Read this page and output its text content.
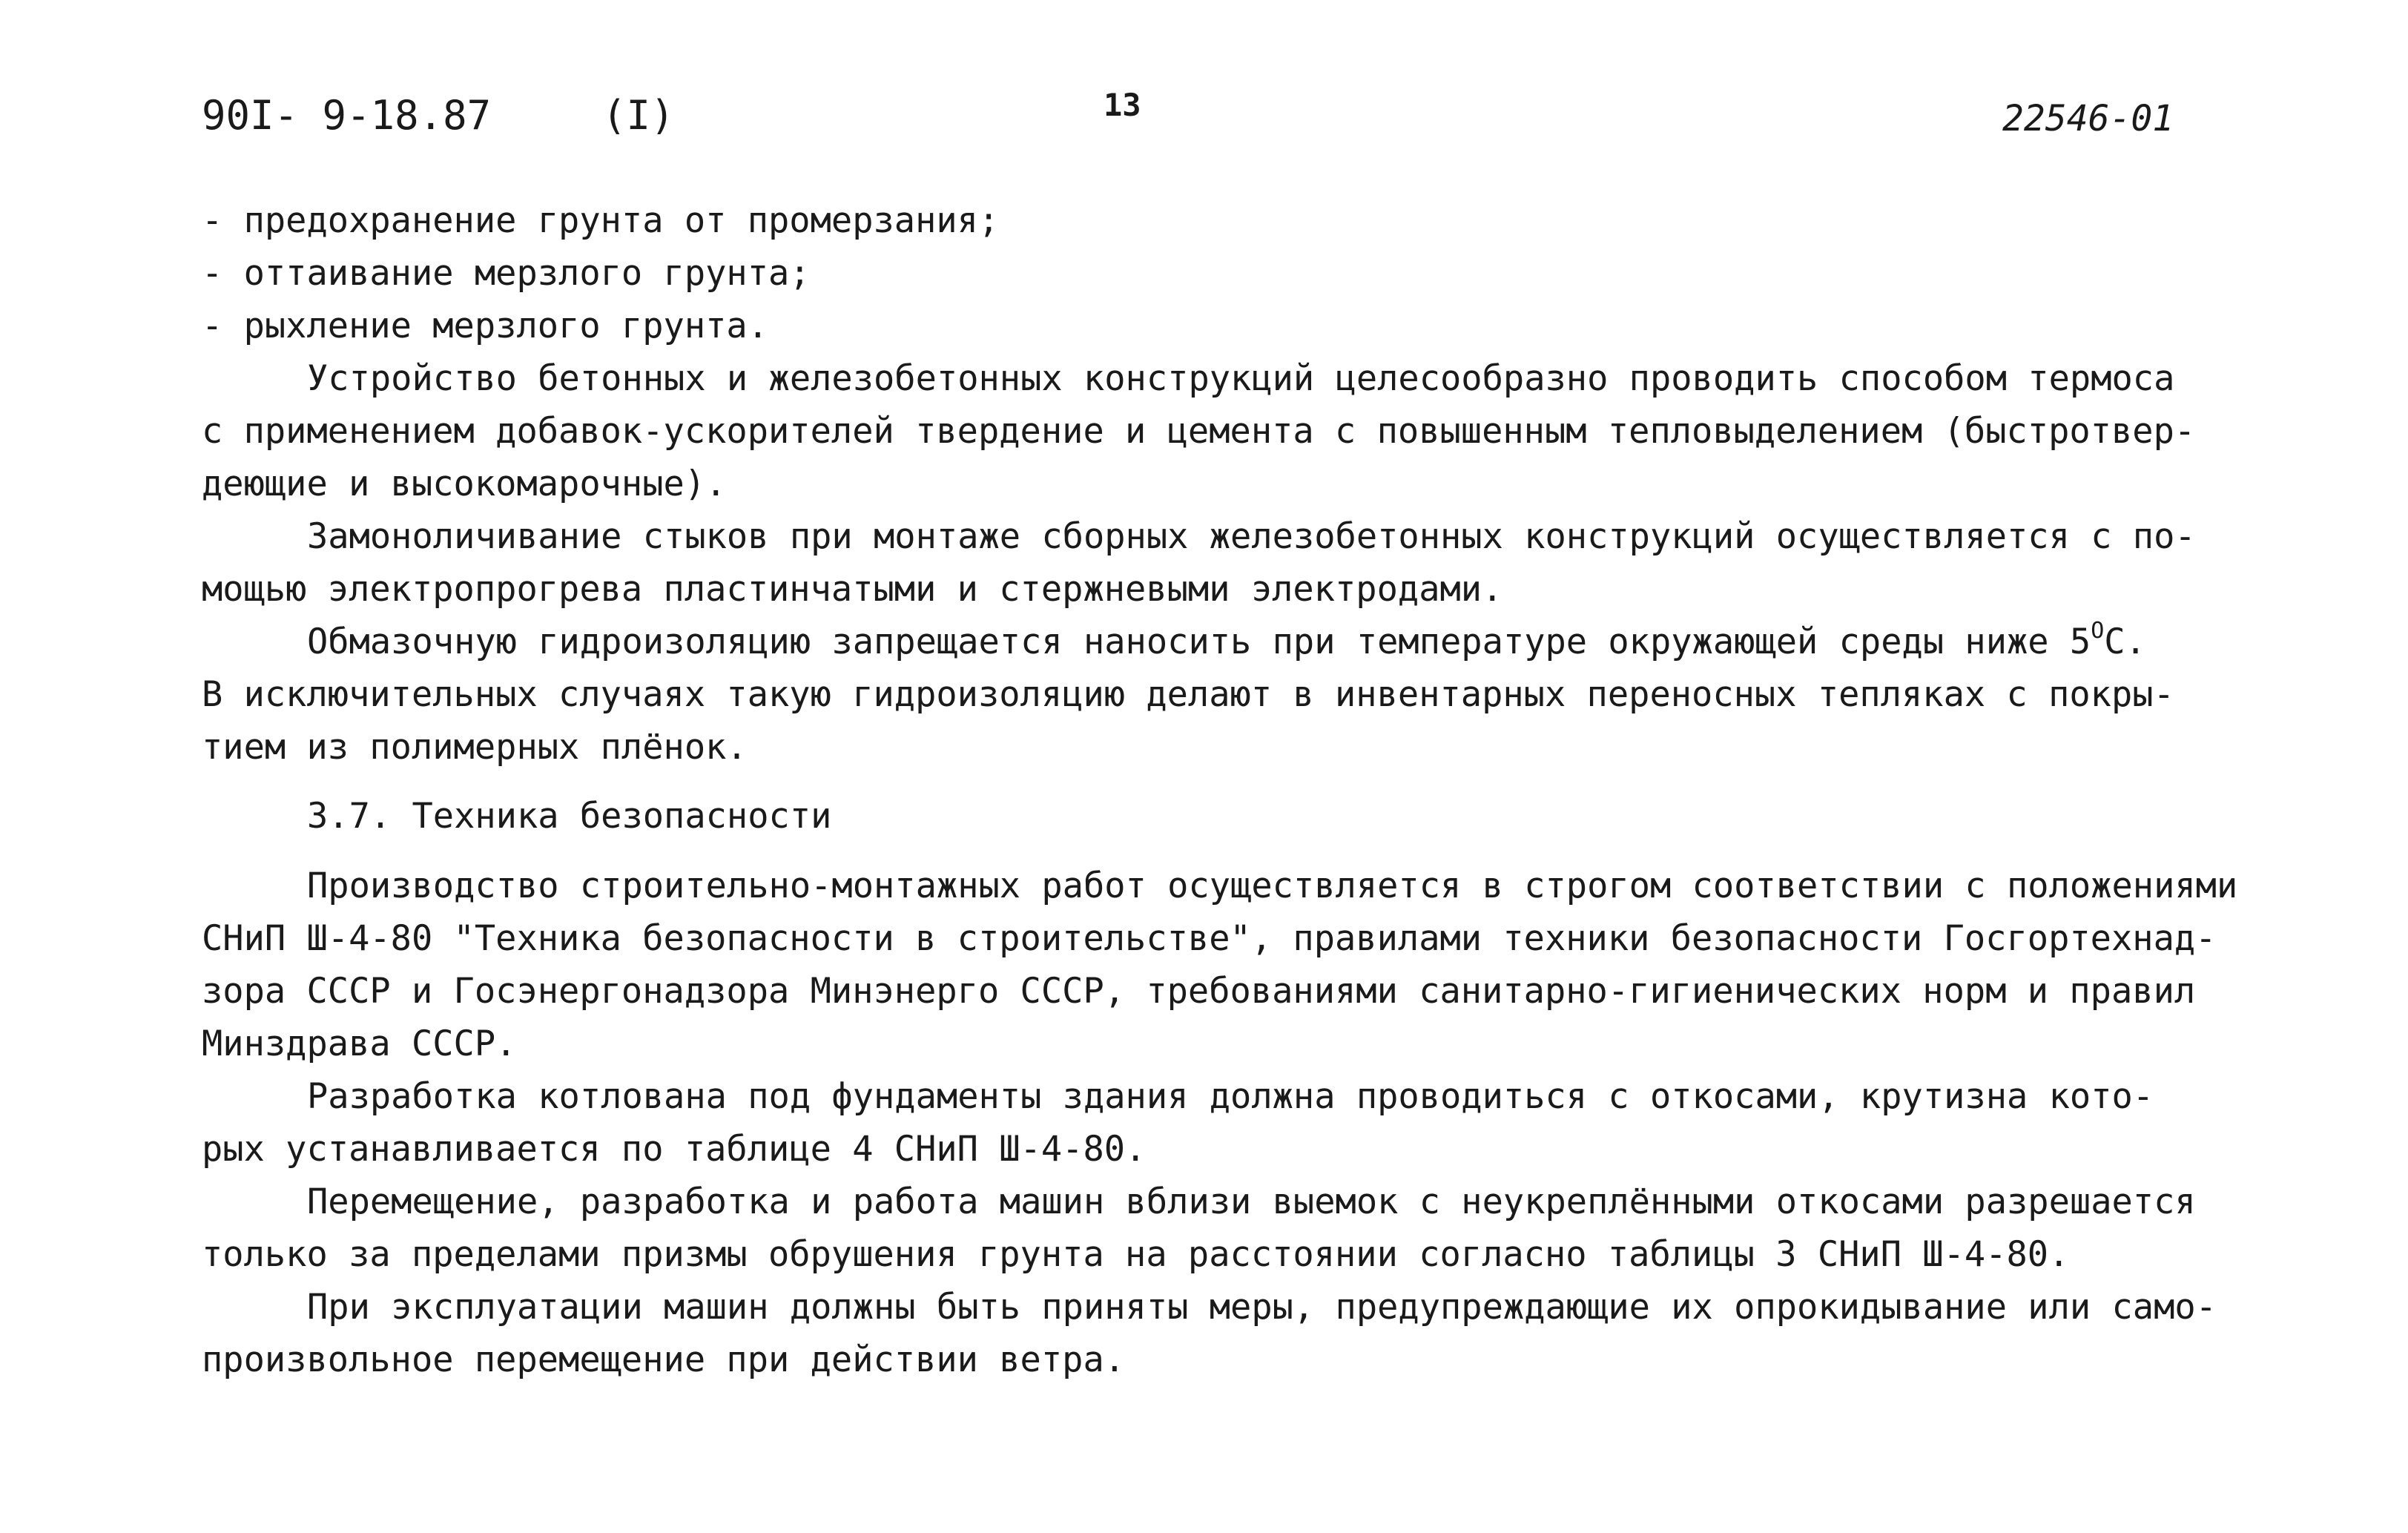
90I- 9-18.87	(I)	13	22546-01
- предохранение грунта от промерзания;
- оттаивание мерзлого грунта;
- рыхление мерзлого грунта.
Устройство бетонных и железобетонных конструкций целесообразно проводить способом термоса
с применением добавок-ускорителей твердение и цемента с повышенным тепловыделением (быстротвер-
деющие и высокомарочные).
Замоноличивание стыков при монтаже сборных железобетонных конструкций осуществляется с по-
мощью электропрогрева пластинчатыми и стержневыми электродами.
Обмазочную гидроизоляцию запрещается наносить при температуре окружающей среды ниже $5^ОС$.
В исключительных случаях такую гидроизоляцию делают в инвентарных переносных тепляках с покры-
тием из полимерных плёнок.
3.7. Техника безопасности
Производство строительно-монтажных работ осуществляется в строгом соответствии с положениями
СНиП Ш-4-80 "Техника безопасности в строительстве", правилами техники безопасности Госгортехнад-
зора СССР и Госэнергонадзора Минэнерго СССР, требованиями санитарно-гигиенических норм и правил
Минздрава СССР.
Разработка котлована под фундаменты здания должна проводиться с откосами, крутизна кото-
рых устанавливается по таблице 4 СНиП Ш-4-80.
Перемещение, разработка и работа машин вблизи выемок с неукреплёнными откосами разрешается
только за пределами призмы обрушения грунта на расстоянии согласно таблицы 3 СНиП Ш-4-80.
При эксплуатации машин должны быть приняты меры, предупреждающие их опрокидывание или само-
произвольное перемещение при действии ветра.
